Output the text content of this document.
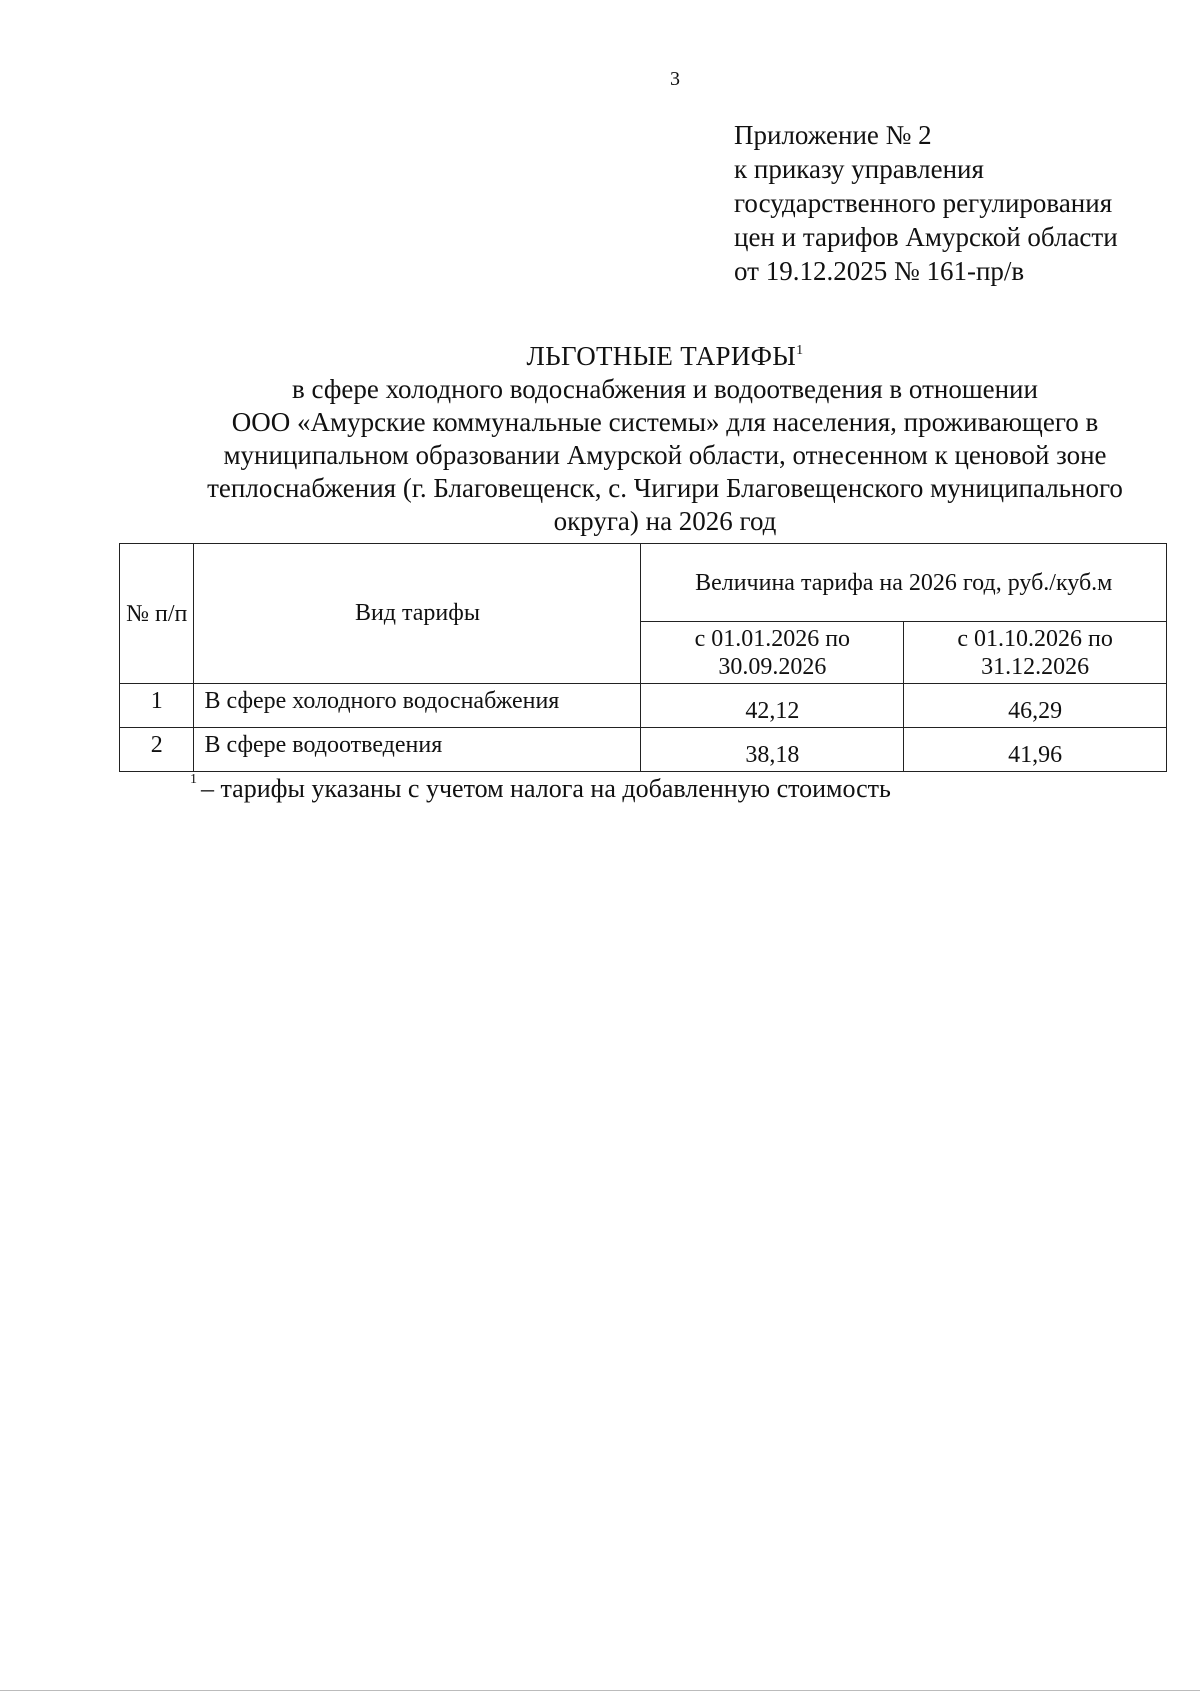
3
Приложение № 2
к приказу управления
государственного регулирования
цен и тарифов Амурской области
от 19.12.2025 № 161-пр/в
ЛЬГОТНЫЕ ТАРИФЫ$^1$
в сфере холодного водоснабжения и водоотведения в отношении
ООО «Амурские коммунальные системы» для населения, проживающего в
муниципальном образовании Амурской области, отнесенном к ценовой зоне
теплоснабжения (г. Благовещенск, с. Чигири Благовещенского муниципального
округа) на 2026 год
№ п/п	Вид тарифы	Величина тарифа на 2026 год, руб./куб.м	
		с 01.01.2026 по 30.09.2026	с 01.10.2026 по 31.12.2026
1	В сфере холодного водоснабжения	42,12	46,29
2	В сфере водоотведения	38,18	41,96
$^1$ – тарифы указаны с учетом налога на добавленную стоимость
